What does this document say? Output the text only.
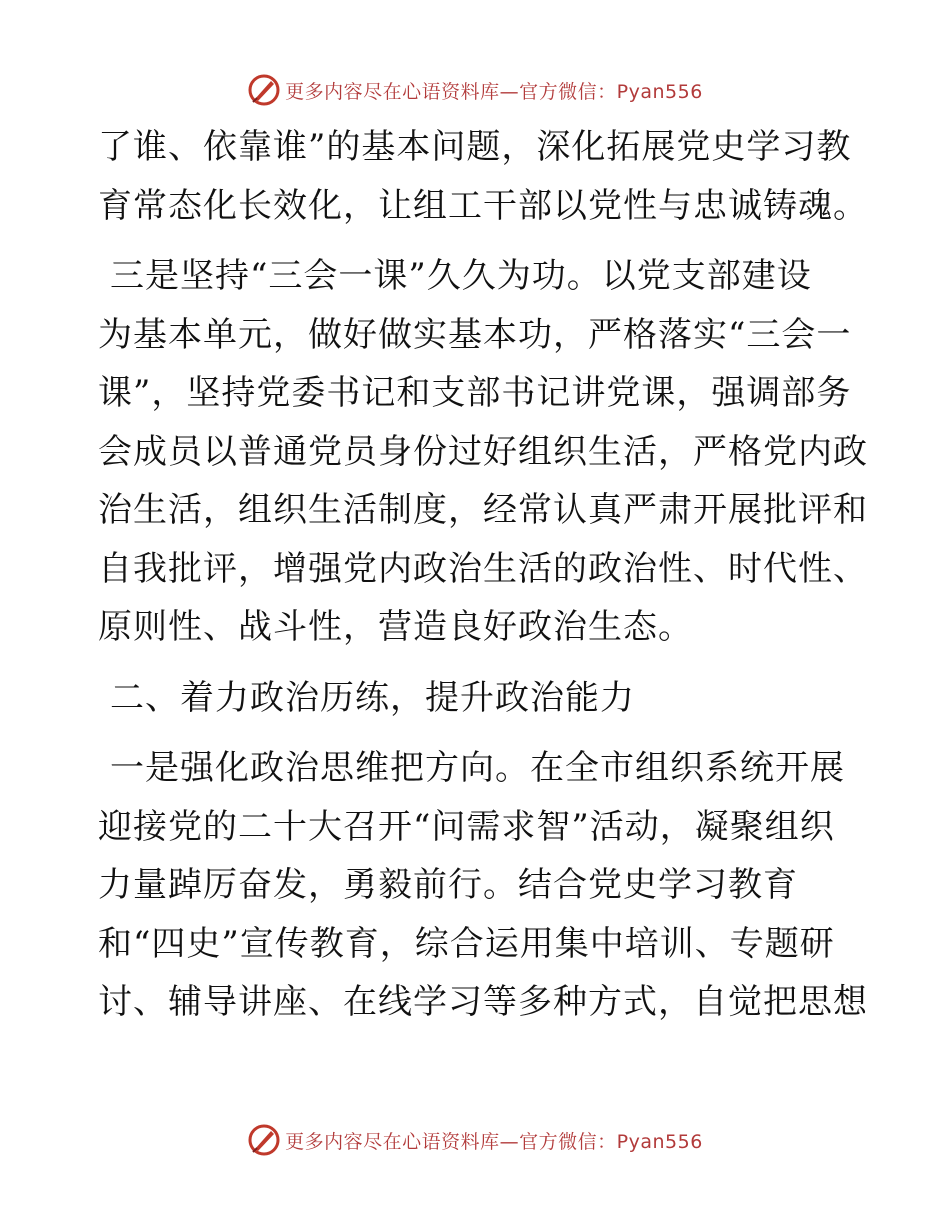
更多内容尽在心语资料库—官方微信：Pyan556
了谁、依靠谁”的基本问题，深化拓展党史学习教
育常态化长效化，让组工干部以党性与忠诚铸魂。
三是坚持“三会一课”久久为功。以党支部建设
为基本单元，做好做实基本功，严格落实“三会一
课”，坚持党委书记和支部书记讲党课，强调部务
会成员以普通党员身份过好组织生活，严格党内政
治生活，组织生活制度，经常认真严肃开展批评和
自我批评，增强党内政治生活的政治性、时代性、
原则性、战斗性，营造良好政治生态。
二、着力政治历练，提升政治能力
一是强化政治思维把方向。在全市组织系统开展
迎接党的二十大召开“问需求智”活动，凝聚组织
力量踔厉奋发，勇毅前行。结合党史学习教育
和“四史”宣传教育，综合运用集中培训、专题研
讨、辅导讲座、在线学习等多种方式，自觉把思想
更多内容尽在心语资料库—官方微信：Pyan556
